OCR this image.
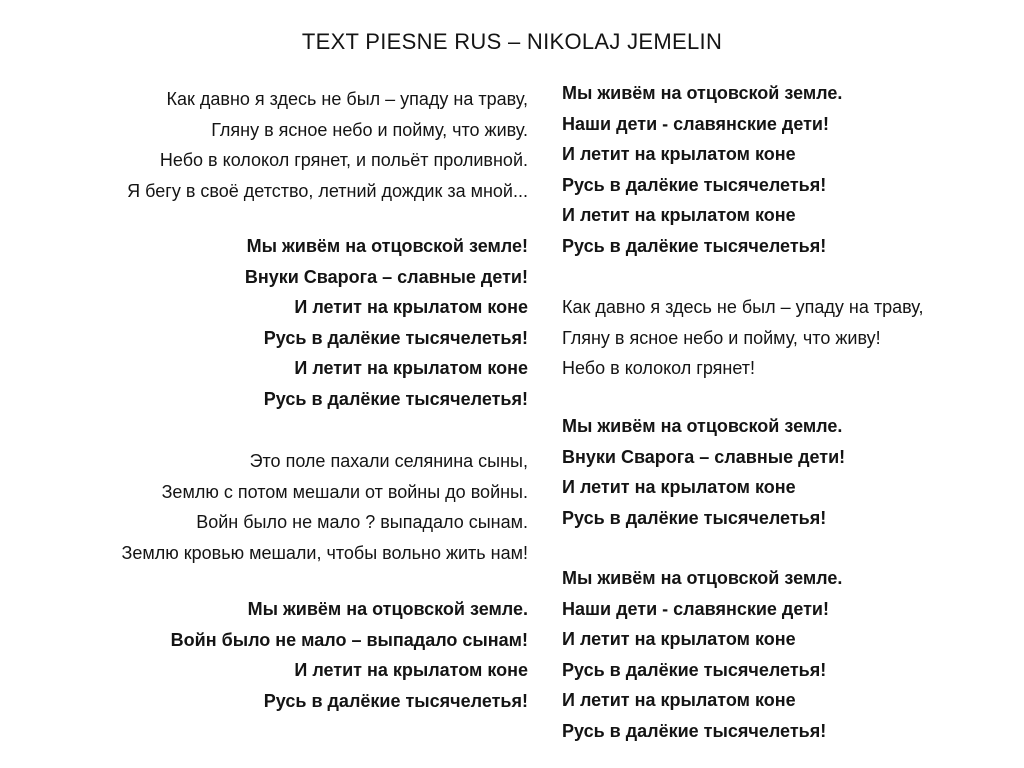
TEXT PIESNE RUS – NIKOLAJ JEMELIN
Как давно я здесь не был – упаду на траву,
Гляну в ясное небо и пойму, что живу.
Небо в колокол грянет, и польёт проливной.
Я бегу в своё детство, летний дождик за мной...
Мы живём на отцовской земле!
Внуки Сварога – славные дети!
И летит на крылатом коне
Русь в далёкие тысячелетья!
И летит на крылатом коне
Русь в далёкие тысячелетья!
Это поле пахали селянина сыны,
Землю с потом мешали от войны до войны.
Войн было не мало ? выпадало сынам.
Землю кровью мешали, чтобы вольно жить нам!
Мы живём на отцовской земле.
Войн было не мало – выпадало сынам!
И летит на крылатом коне
Русь в далёкие тысячелетья!
Мы живём на отцовской земле.
Наши дети - славянские дети!
И летит на крылатом коне
Русь в далёкие тысячелетья!
И летит на крылатом коне
Русь в далёкие тысячелетья!
Как давно я здесь не был – упаду на траву,
Гляну в ясное небо и пойму, что живу!
Небо в колокол грянет!
Мы живём на отцовской земле.
Внуки Сварога – славные дети!
И летит на крылатом коне
Русь в далёкие тысячелетья!
Мы живём на отцовской земле.
Наши дети - славянские дети!
И летит на крылатом коне
Русь в далёкие тысячелетья!
И летит на крылатом коне
Русь в далёкие тысячелетья!
